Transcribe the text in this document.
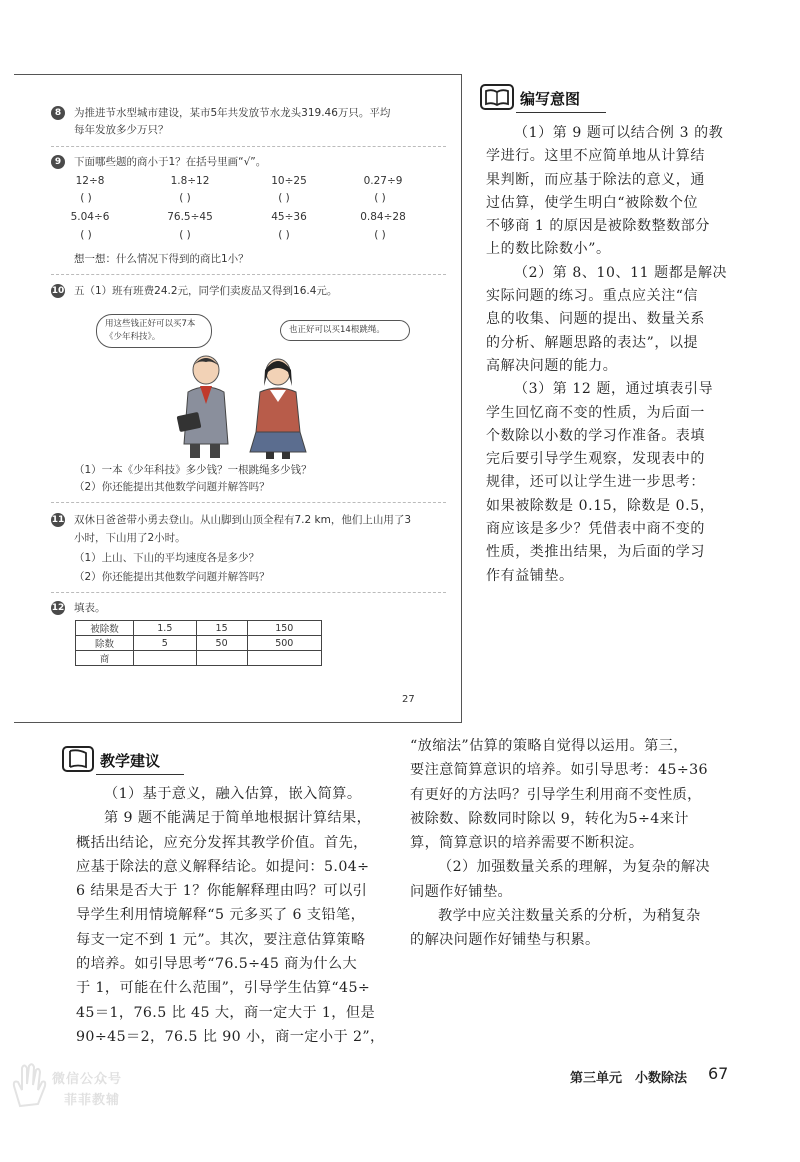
8	为推进节水型城市建设，某市5年共发放节水龙头319.46万只。平均
每年发放多少万只？
9	下面哪些题的商小于1？在括号里画“√”。
12÷8	1.8÷12	10÷25	0.27÷9
( )	( )	( )	( )
5.04÷6	76.5÷45	45÷36	0.84÷28
( )	( )	( )	( )
想一想：什么情况下得到的商比1小？
10 五（1）班有班费24.2元，同学们卖废品又得到16.4元。
用这些钱正好可以买7本《少年科技》。
也正好可以买14根跳绳。
（1）一本《少年科技》多少钱？一根跳绳多少钱？
（2）你还能提出其他数学问题并解答吗？
11 双休日爸爸带小勇去登山。从山脚到山顶全程有7.2 km，他们上山用了3
小时，下山用了2小时。
（1）上山、下山的平均速度各是多少？
（2）你还能提出其他数学问题并解答吗？
12 填表。
被除数	1.5	15	150
除数	5	50	500
商			
27
编写意图
（1）第 9 题可以结合例 3 的教
学进行。这里不应简单地从计算结
果判断，而应基于除法的意义，通
过估算，使学生明白“被除数个位
不够商 1 的原因是被除数整数部分
上的数比除数小”。
（2）第 8、10、11 题都是解决
实际问题的练习。重点应关注“信
息的收集、问题的提出、数量关系
的分析、解题思路的表达”，以提
高解决问题的能力。
（3）第 12 题，通过填表引导
学生回忆商不变的性质，为后面一
个数除以小数的学习作准备。表填
完后要引导学生观察，发现表中的
规律，还可以让学生进一步思考：
如果被除数是 0.15，除数是 0.5，
商应该是多少？凭借表中商不变的
性质，类推出结果，为后面的学习
作有益铺垫。
教学建议
（1）基于意义，融入估算，嵌入简算。
第 9 题不能满足于简单地根据计算结果，
概括出结论，应充分发挥其教学价值。首先，
应基于除法的意义解释结论。如提问：5.04÷
6 结果是否大于 1？你能解释理由吗？可以引
导学生利用情境解释“5 元多买了 6 支铅笔，
每支一定不到 1 元”。其次，要注意估算策略
的培养。如引导思考“76.5÷45 商为什么大
于 1，可能在什么范围”，引导学生估算“45÷
45＝1，76.5 比 45 大，商一定大于 1，但是
90÷45＝2，76.5 比 90 小，商一定小于 2”，
“放缩法”估算的策略自觉得以运用。第三，
要注意简算意识的培养。如引导思考：45÷36
有更好的方法吗？引导学生利用商不变性质，
被除数、除数同时除以 9，转化为5÷4来计
算，简算意识的培养需要不断积淀。
（2）加强数量关系的理解，为复杂的解决
问题作好铺垫。
教学中应关注数量关系的分析，为稍复杂
的解决问题作好铺垫与积累。
微信公众号
菲菲教辅
第三单元　小数除法 67
